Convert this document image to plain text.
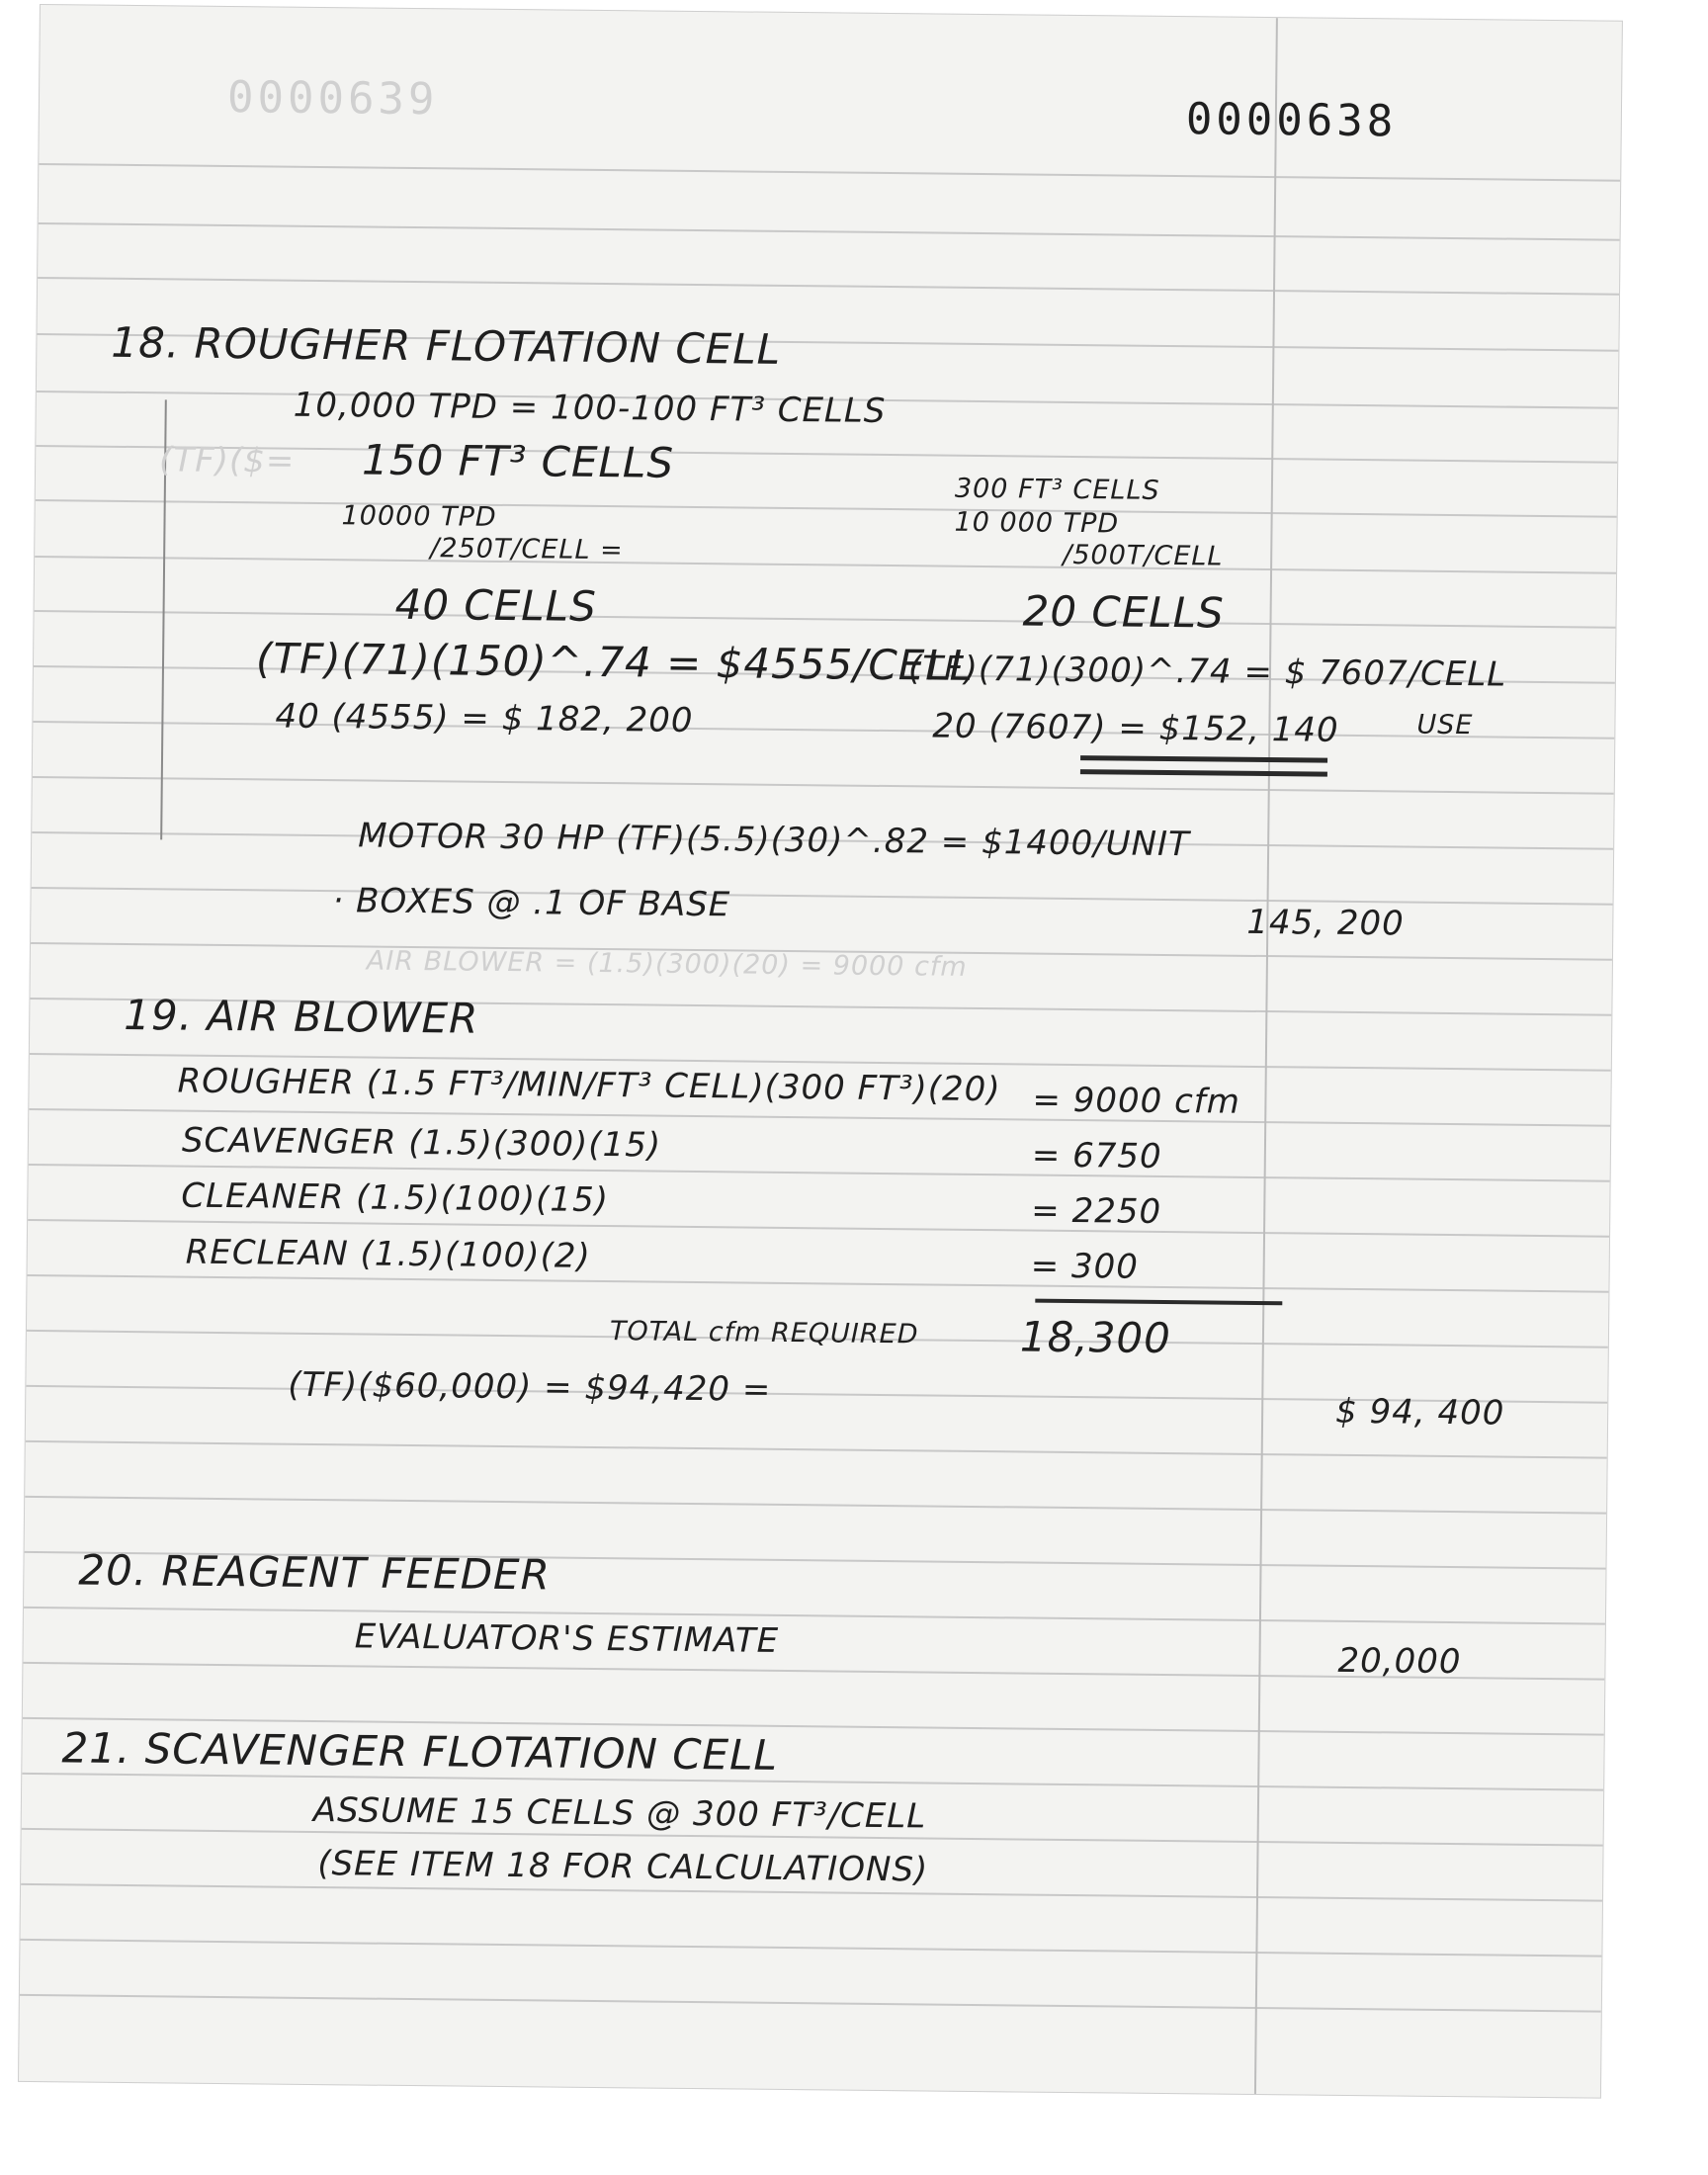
0000639	0000638
18. ROUGHER FLOTATION CELL
10,000 TPD = 100-100 FT³ CELLS
(TF)($= 150 FT³ CELLS
10000 TPD
/250T/CELL =
40 CELLS
(TF)(71)(150)^.74 = $4555/CELL
40 (4555) = $ 182, 200
300 FT³ CELLS
10 000 TPD
/500T/CELL
20 CELLS
(TF)(71)(300)^.74 = $ 7607/CELL
20 (7607) = $152, 140	USE
MOTOR 30 HP (TF)(5.5)(30)^.82 = $1400/UNIT
· BOXES @ .1 OF BASE	145, 200
AIR BLOWER = (1.5)(300)(20) = 9000 cfm
19. AIR BLOWER
ROUGHER (1.5 FT³/MIN/FT³ CELL)(300 FT³)(20) = 9000 cfm
SCAVENGER (1.5)(300)(15)	= 6750
CLEANER (1.5)(100)(15)	= 2250
RECLEAN (1.5)(100)(2)	= 300
TOTAL cfm REQUIRED 18,300
(TF)($60,000) = $94,420 =
$ 94, 400
20. REAGENT FEEDER
EVALUATOR'S ESTIMATE
20,000
21. SCAVENGER FLOTATION CELL
ASSUME 15 CELLS @ 300 FT³/CELL
(SEE ITEM 18 FOR CALCULATIONS)
